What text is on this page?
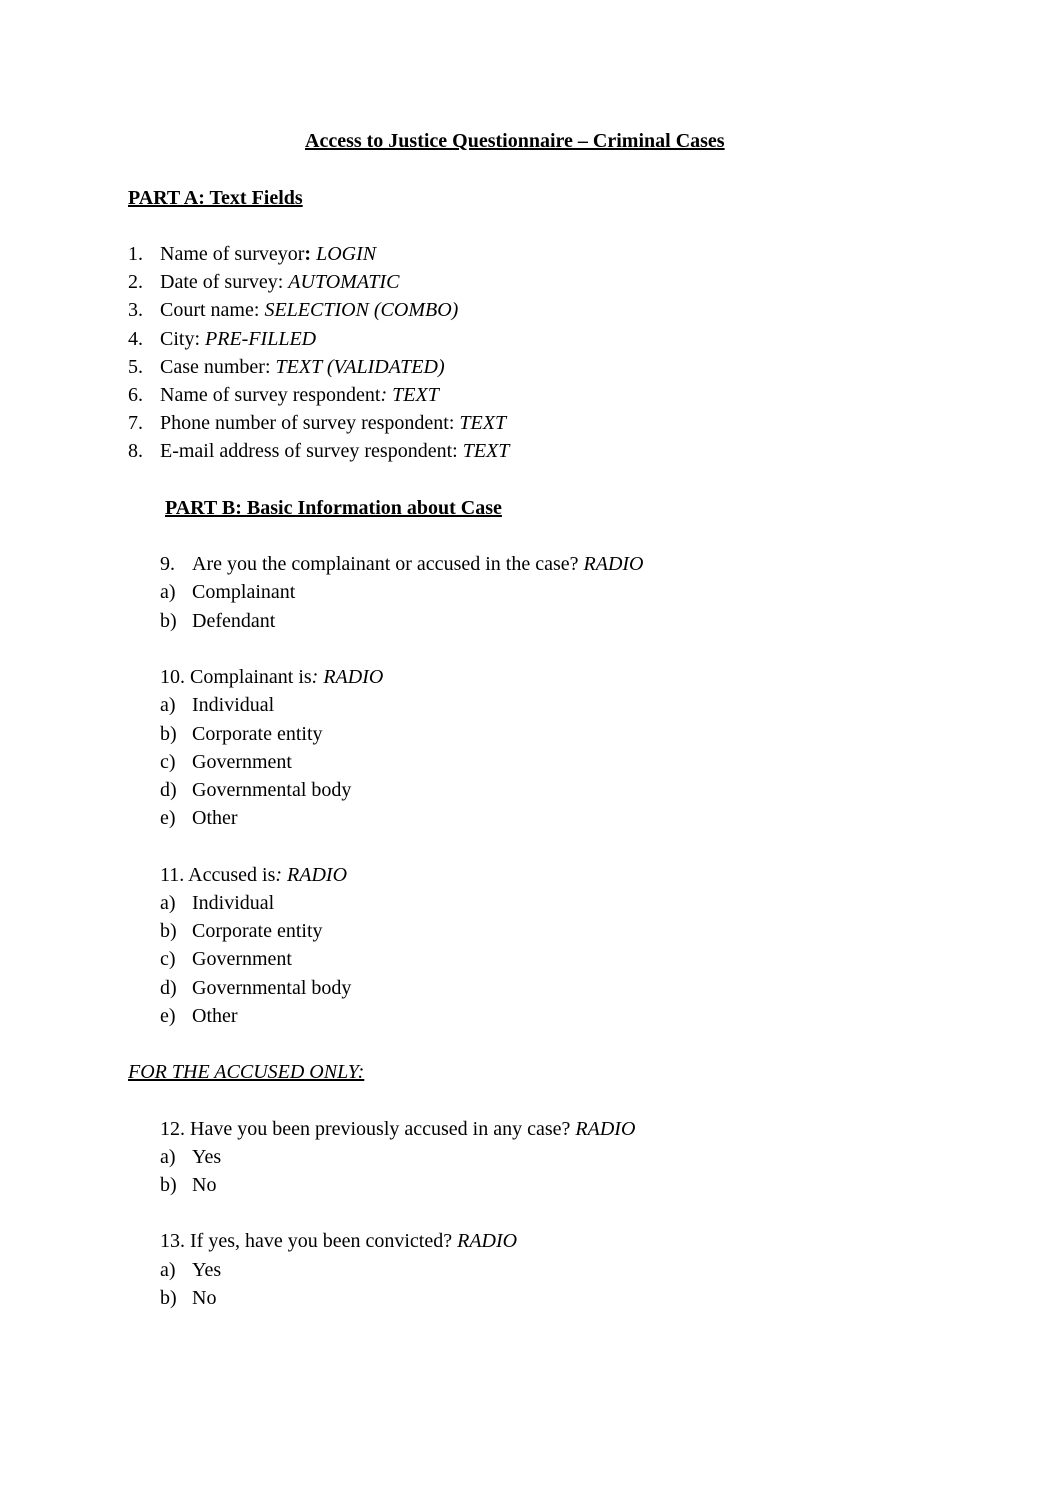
Access to Justice Questionnaire – Criminal Cases
PART A: Text Fields
1. Name of surveyor: LOGIN
2. Date of survey: AUTOMATIC
3. Court name: SELECTION (COMBO)
4. City: PRE-FILLED
5. Case number: TEXT (VALIDATED)
6. Name of survey respondent: TEXT
7. Phone number of survey respondent: TEXT
8. E-mail address of survey respondent: TEXT
PART B: Basic Information about Case
9. Are you the complainant or accused in the case? RADIO
a) Complainant
b) Defendant
10. Complainant is: RADIO
a) Individual
b) Corporate entity
c) Government
d) Governmental body
e) Other
11. Accused is: RADIO
a) Individual
b) Corporate entity
c) Government
d) Governmental body
e) Other
FOR THE ACCUSED ONLY:
12. Have you been previously accused in any case? RADIO
a) Yes
b) No
13. If yes, have you been convicted? RADIO
a) Yes
b) No
